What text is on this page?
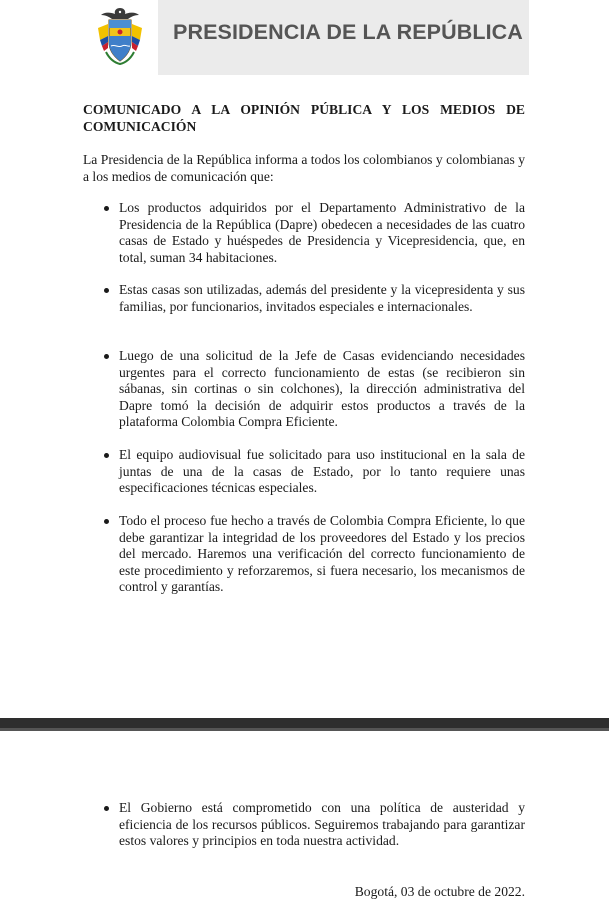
PRESIDENCIA DE LA REPÚBLICA
COMUNICADO A LA OPINIÓN PÚBLICA Y LOS MEDIOS DE
COMUNICACIÓN
La Presidencia de la República informa a todos los colombianos y colombianas y a los medios de comunicación que:
Los productos adquiridos por el Departamento Administrativo de la Presidencia de la República (Dapre) obedecen a necesidades de las cuatro casas de Estado y huéspedes de Presidencia y Vicepresidencia, que, en total, suman 34 habitaciones.
Estas casas son utilizadas, además del presidente y la vicepresidenta y sus familias, por funcionarios, invitados especiales e internacionales.
Luego de una solicitud de la Jefe de Casas evidenciando necesidades urgentes para el correcto funcionamiento de estas (se recibieron sin sábanas, sin cortinas o sin colchones), la dirección administrativa del Dapre tomó la decisión de adquirir estos productos a través de la plataforma Colombia Compra Eficiente.
El equipo audiovisual fue solicitado para uso institucional en la sala de juntas de una de la casas de Estado, por lo tanto requiere unas especificaciones técnicas especiales.
Todo el proceso fue hecho a través de Colombia Compra Eficiente, lo que debe garantizar la integridad de los proveedores del Estado y los precios del mercado. Haremos una verificación del correcto funcionamiento de este procedimiento y reforzaremos, si fuera necesario, los mecanismos de control y garantías.
El Gobierno está comprometido con una política de austeridad y eficiencia de los recursos públicos. Seguiremos trabajando para garantizar estos valores y principios en toda nuestra actividad.
Bogotá, 03 de octubre de 2022.
